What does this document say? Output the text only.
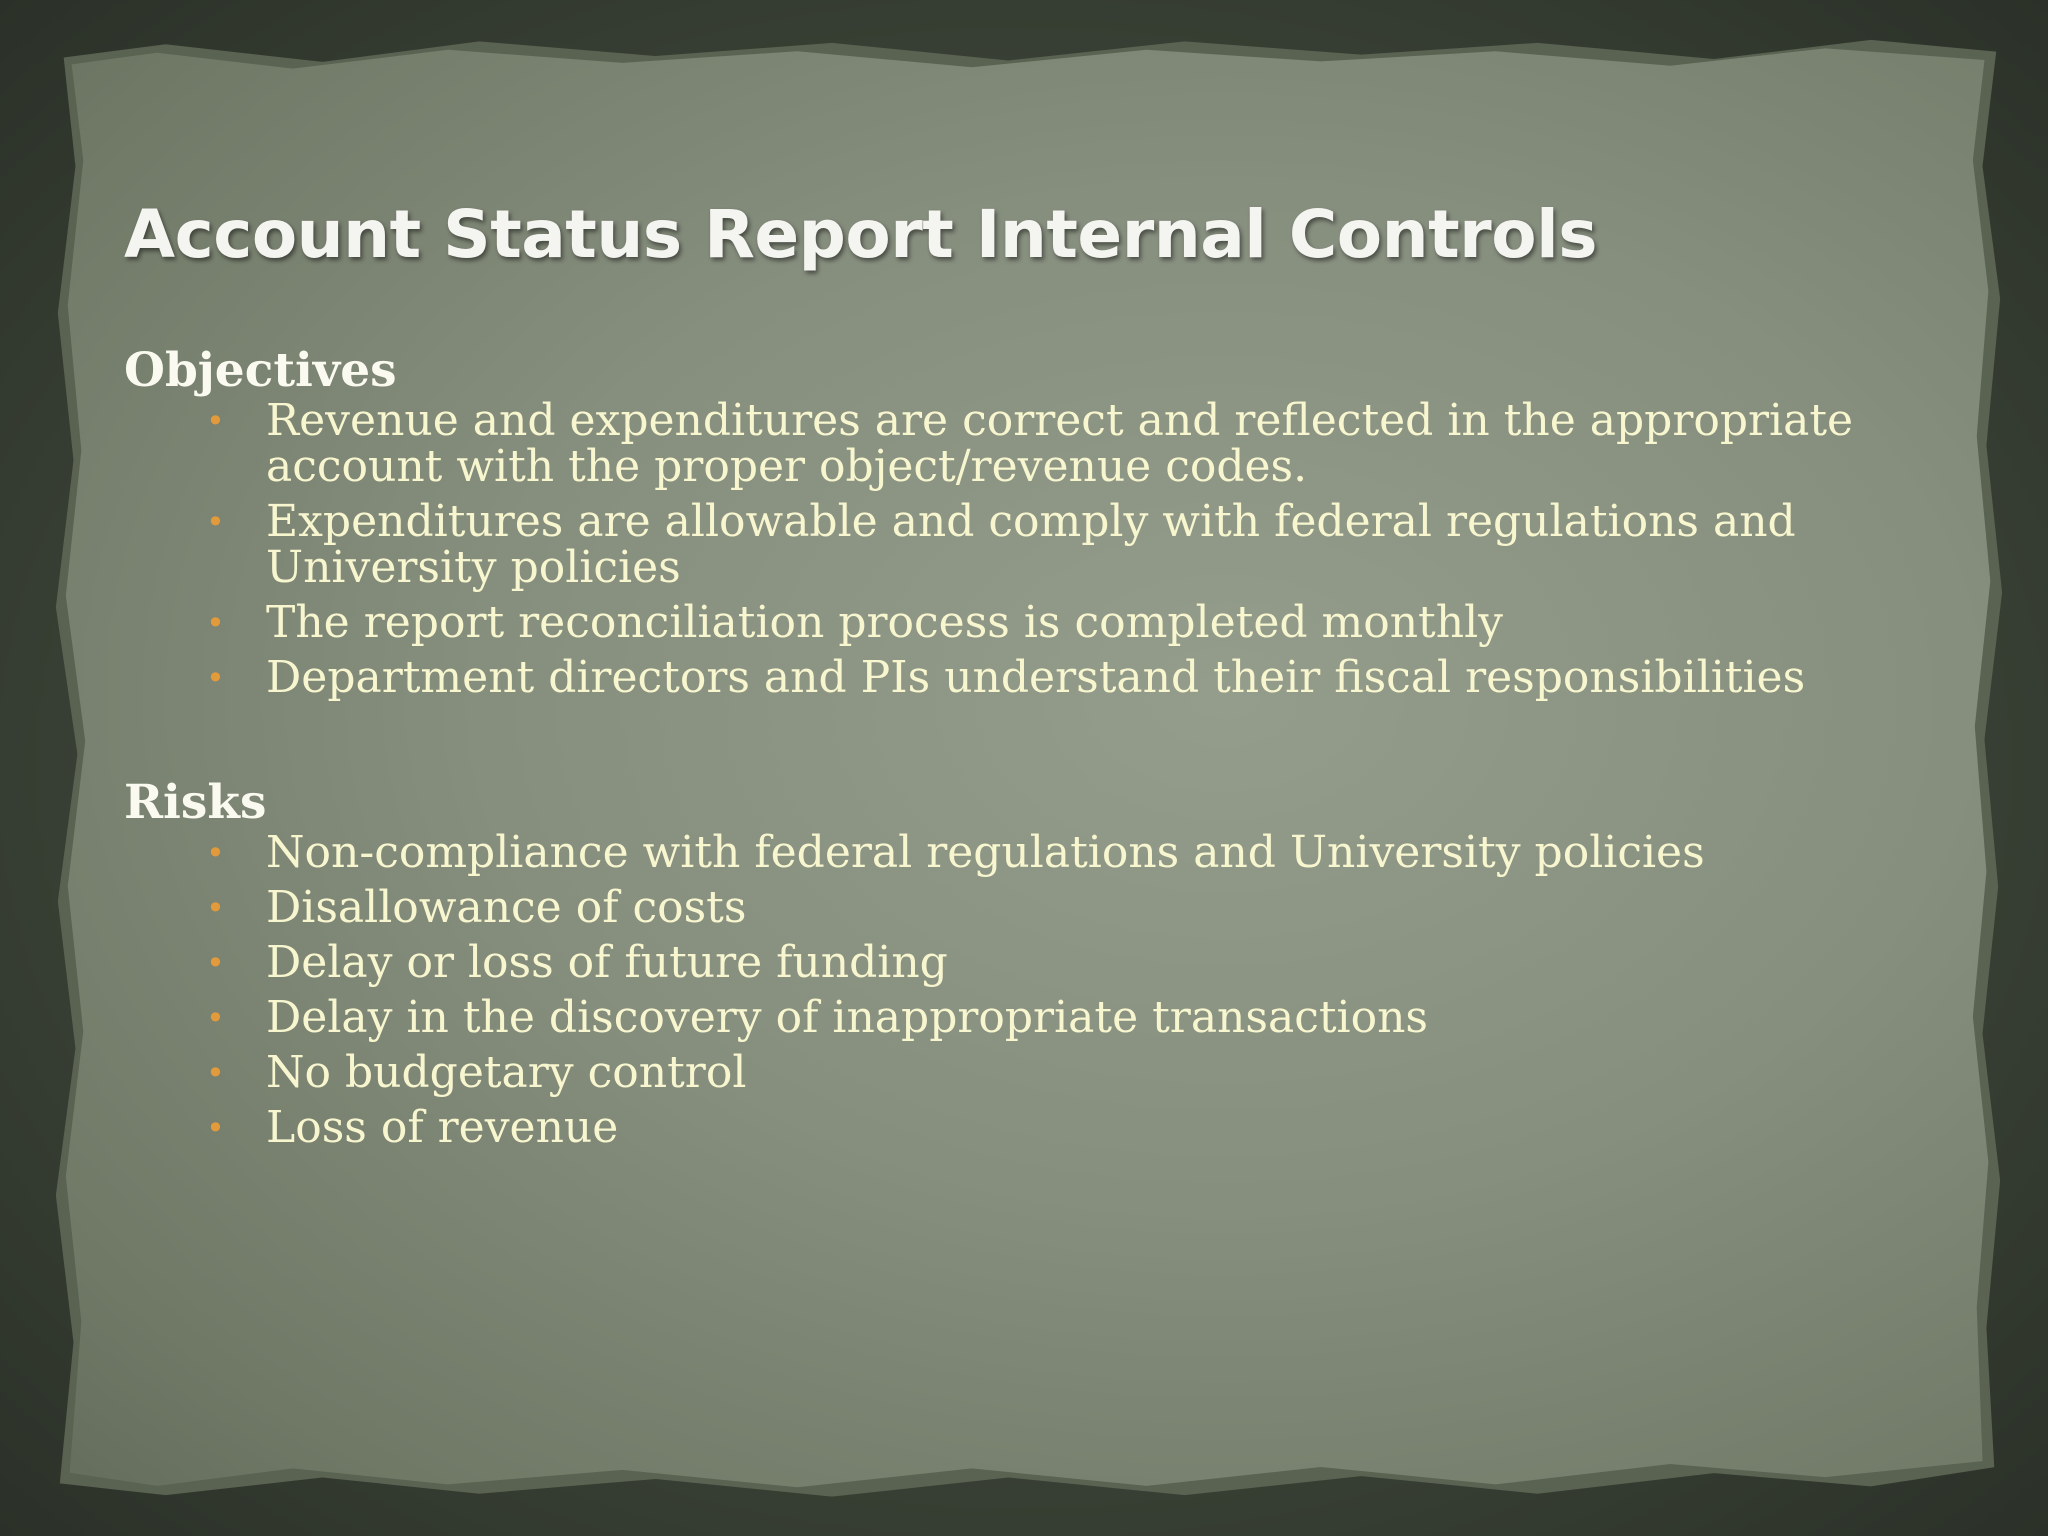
Account Status Report Internal Controls

Objectives

• Revenue and expenditures are correct and reflected in the appropriate account with the proper object/revenue codes.
• Expenditures are allowable and comply with federal regulations and University policies
• The report reconciliation process is completed monthly
• Department directors and PIs understand their fiscal responsibilities

Risks

• Non-compliance with federal regulations and University policies
• Disallowance of costs
• Delay or loss of future funding
• Delay in the discovery of inappropriate transactions
• No budgetary control
• Loss of revenue
